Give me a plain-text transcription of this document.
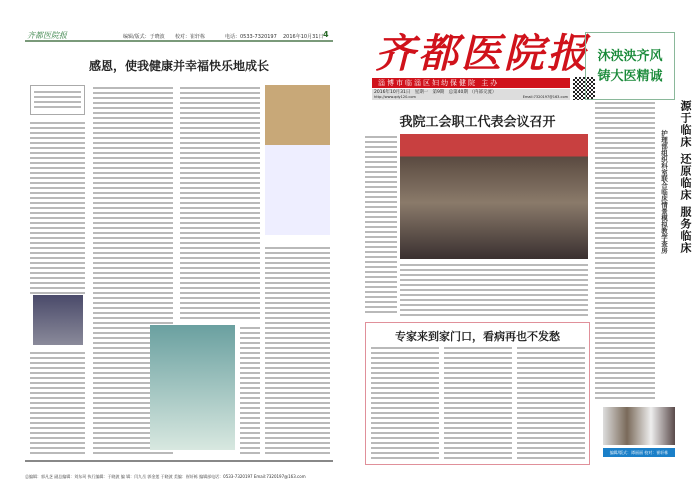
齐都医院报	编辑/版式：于晓波 校对：崔轩栋	电话：0533-7320197 2016年10月31日 4
感恩，使我健康并幸福快乐地成长
总编辑：郭凡芝 副总编辑：刘东珂 执行编辑：于晓波 编 辑：闫九岳 郭金莲 于晓波 美编：崔轩栋 编辑部电话：0533-7320197 Email:7320197@163.com
齐都医院报
淄博市临淄区妇幼保健院 主办
2016年10月31日 星期一 第9期 总第40期 （内部交流）
http://www.qdy120.com	Email:7320197@163.com
沐泱泱齐风
铸大医精诚
我院工会职工代表会议召开	源于临床 还原临床 服务临床
护理部组织科室联合临床情景模拟教学查房
专家来到家门口，看病再也不发愁
编辑/版式：谭丽丽 校对：崔轩栋
